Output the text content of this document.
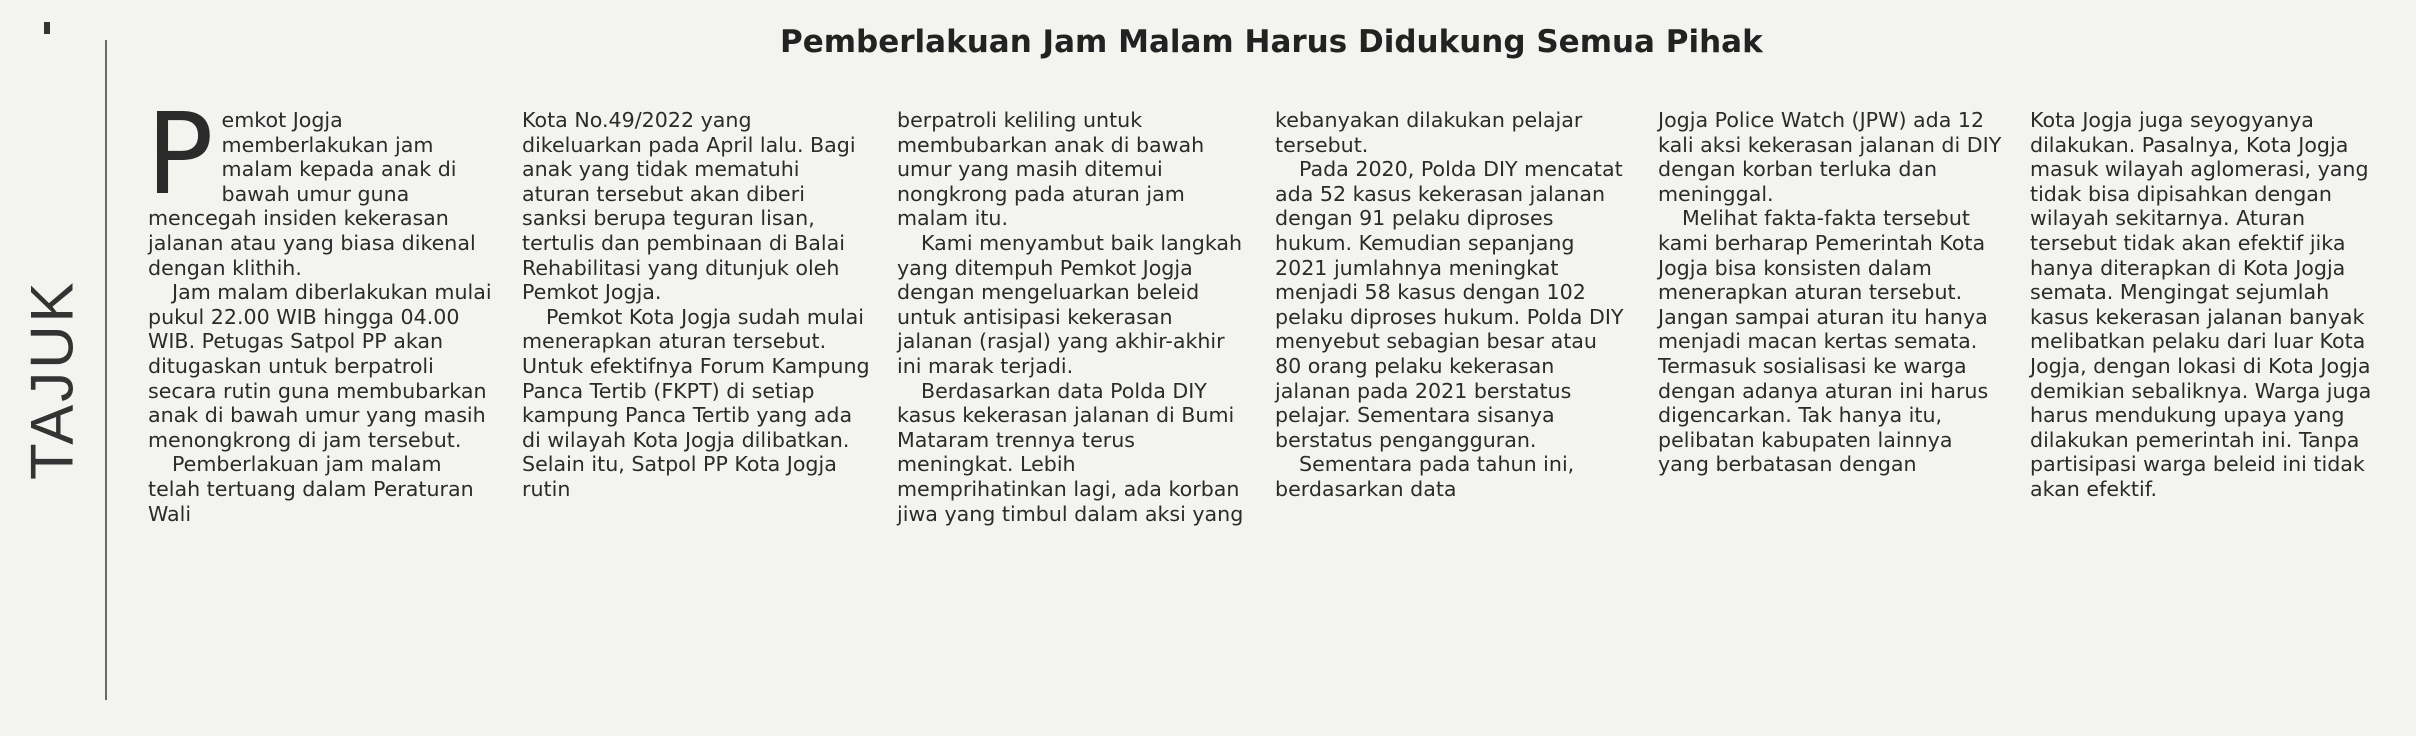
TAJUK
Pemberlakuan Jam Malam Harus Didukung Semua Pihak

Pemkot Jogja memberlakukan jam malam kepada anak di bawah umur guna mencegah insiden kekerasan jalanan atau yang biasa dikenal dengan klithih.

Jam malam diberlakukan mulai pukul 22.00 WIB hingga 04.00 WIB. Petugas Satpol PP akan ditugaskan untuk berpatroli secara rutin guna membubarkan anak di bawah umur yang masih menongkrong di jam tersebut.

Pemberlakuan jam malam telah tertuang dalam Peraturan Wali

Kota No.49/2022 yang dikeluarkan pada April lalu. Bagi anak yang tidak mematuhi aturan tersebut akan diberi sanksi berupa teguran lisan, tertulis dan pembinaan di Balai Rehabilitasi yang ditunjuk oleh Pemkot Jogja.

Pemkot Kota Jogja sudah mulai menerapkan aturan tersebut. Untuk efektifnya Forum Kampung Panca Tertib (FKPT) di setiap kampung Panca Tertib yang ada di wilayah Kota Jogja dilibatkan. Selain itu, Satpol PP Kota Jogja rutin

berpatroli keliling untuk membubarkan anak di bawah umur yang masih ditemui nongkrong pada aturan jam malam itu.

Kami menyambut baik langkah yang ditempuh Pemkot Jogja dengan mengeluarkan beleid untuk antisipasi kekerasan jalanan (rasjal) yang akhir-akhir ini marak terjadi.

Berdasarkan data Polda DIY kasus kekerasan jalanan di Bumi Mataram trennya terus meningkat. Lebih memprihatinkan lagi, ada korban jiwa yang timbul dalam aksi yang

kebanyakan dilakukan pelajar tersebut.

Pada 2020, Polda DIY mencatat ada 52 kasus kekerasan jalanan dengan 91 pelaku diproses hukum. Kemudian sepanjang 2021 jumlahnya meningkat menjadi 58 kasus dengan 102 pelaku diproses hukum. Polda DIY menyebut sebagian besar atau 80 orang pelaku kekerasan jalanan pada 2021 berstatus pelajar. Sementara sisanya berstatus pengangguran.

Sementara pada tahun ini, berdasarkan data

Jogja Police Watch (JPW) ada 12 kali aksi kekerasan jalanan di DIY dengan korban terluka dan meninggal.

Melihat fakta-fakta tersebut kami berharap Pemerintah Kota Jogja bisa konsisten dalam menerapkan aturan tersebut. Jangan sampai aturan itu hanya menjadi macan kertas semata. Termasuk sosialisasi ke warga dengan adanya aturan ini harus digencarkan. Tak hanya itu, pelibatan kabupaten lainnya yang berbatasan dengan

Kota Jogja juga seyogyanya dilakukan. Pasalnya, Kota Jogja masuk wilayah aglomerasi, yang tidak bisa dipisahkan dengan wilayah sekitarnya. Aturan tersebut tidak akan efektif jika hanya diterapkan di Kota Jogja semata. Mengingat sejumlah kasus kekerasan jalanan banyak melibatkan pelaku dari luar Kota Jogja, dengan lokasi di Kota Jogja demikian sebaliknya. Warga juga harus mendukung upaya yang dilakukan pemerintah ini. Tanpa partisipasi warga beleid ini tidak akan efektif.
